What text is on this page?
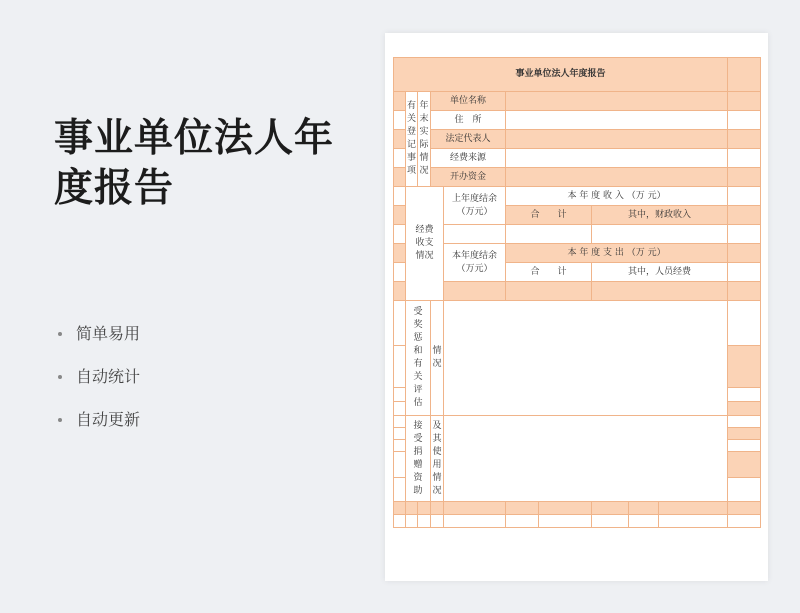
事业单位法人年度报告
简单易用
自动统计
自动更新
事业单位法人年度报告										
	有关登记事项	年末实际情况	单位名称							
			住　所							
			法定代表人							
			经费来源							
			开办资金							
	经费收支情况			上年度结余（万元）	本 年 度 收 入 （万 元）					
					合　　计		其中，财政收入			

				本年度结余（万元）	本 年 度 支 出 （万 元）					
					合　　计		其中，人员经费			

	受奖惩和有关评估		情　况							

	接受捐赠资助		及其使用情况							
